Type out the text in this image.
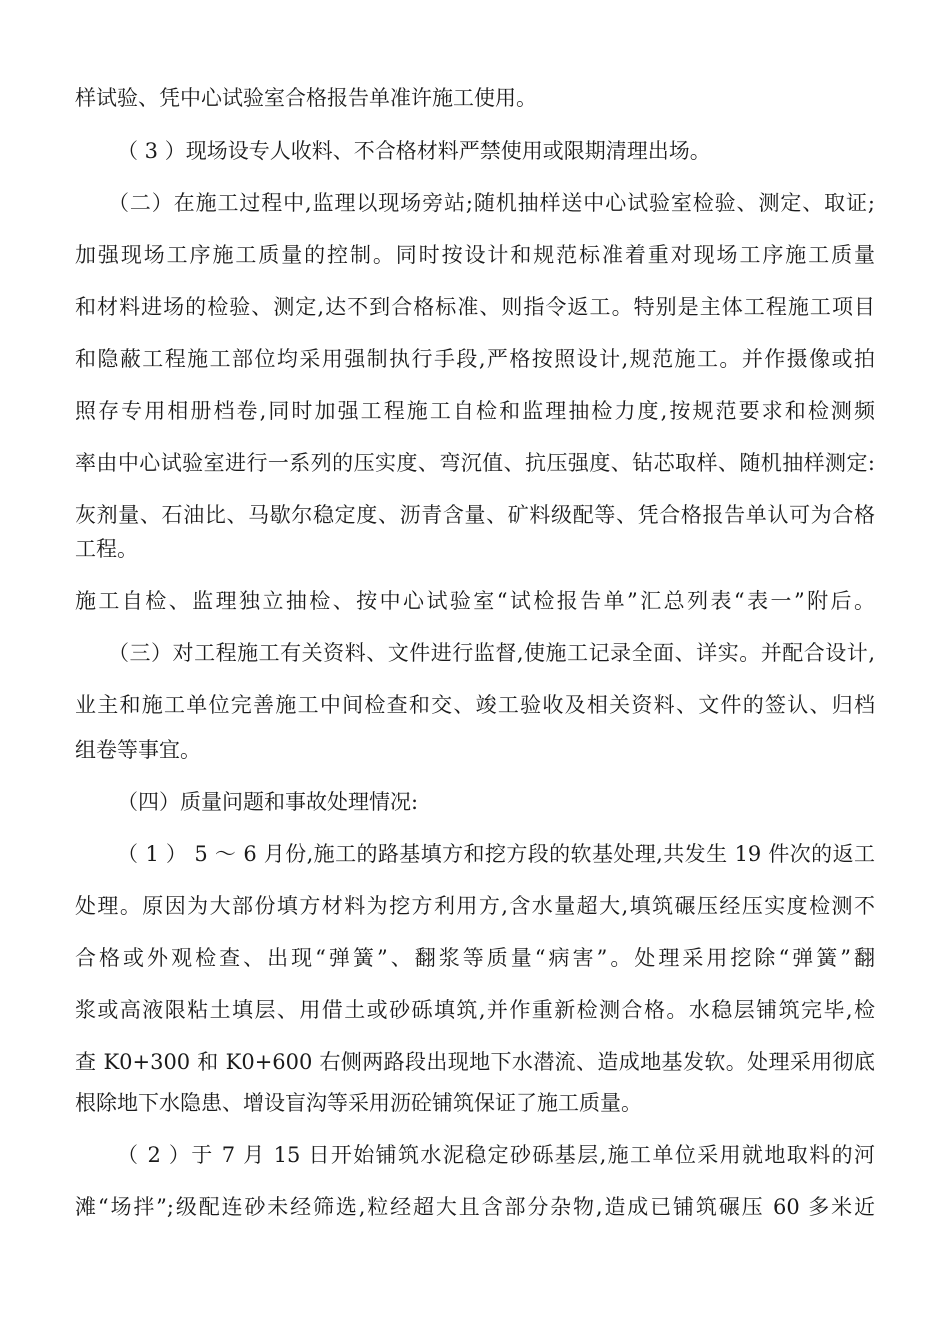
样试验、凭中心试验室合格报告单准许施工使用。
（ 3 ）现场设专人收料、不合格材料严禁使用或限期清理出场。
（二）在施工过程中,监理以现场旁站;随机抽样送中心试验室检验、测定、取证;
加强现场工序施工质量的控制。同时按设计和规范标准着重对现场工序施工质量
和材料进场的检验、测定,达不到合格标准、则指令返工。特别是主体工程施工项目
和隐蔽工程施工部位均采用强制执行手段,严格按照设计,规范施工。并作摄像或拍
照存专用相册档卷,同时加强工程施工自检和监理抽检力度,按规范要求和检测频
率由中心试验室进行一系列的压实度、弯沉值、抗压强度、钻芯取样、随机抽样测定:
灰剂量、石油比、马歇尔稳定度、沥青含量、矿料级配等、凭合格报告单认可为合格
工程。
施工自检、监理独立抽检、按中心试验室“试检报告单”汇总列表“表一”附后。
（三）对工程施工有关资料、文件进行监督,使施工记录全面、详实。并配合设计,
业主和施工单位完善施工中间检查和交、竣工验收及相关资料、文件的签认、归档
组卷等事宜。
（四）质量问题和事故处理情况:
（ 1 ） 5 ～ 6 月份,施工的路基填方和挖方段的软基处理,共发生 19 件次的返工
处理。原因为大部份填方材料为挖方利用方,含水量超大,填筑碾压经压实度检测不
合格或外观检查、出现“弹簧”、翻浆等质量“病害”。处理采用挖除“弹簧”翻
浆或高液限粘土填层、用借土或砂砾填筑,并作重新检测合格。水稳层铺筑完毕,检
查 K0+300 和 K0+600 右侧两路段出现地下水潜流、造成地基发软。处理采用彻底
根除地下水隐患、增设盲沟等采用沥砼铺筑保证了施工质量。
（ 2 ）于 7 月 15 日开始铺筑水泥稳定砂砾基层,施工单位采用就地取料的河
滩“场拌”;级配连砂未经筛选,粒经超大且含部分杂物,造成已铺筑碾压 60 多米近
